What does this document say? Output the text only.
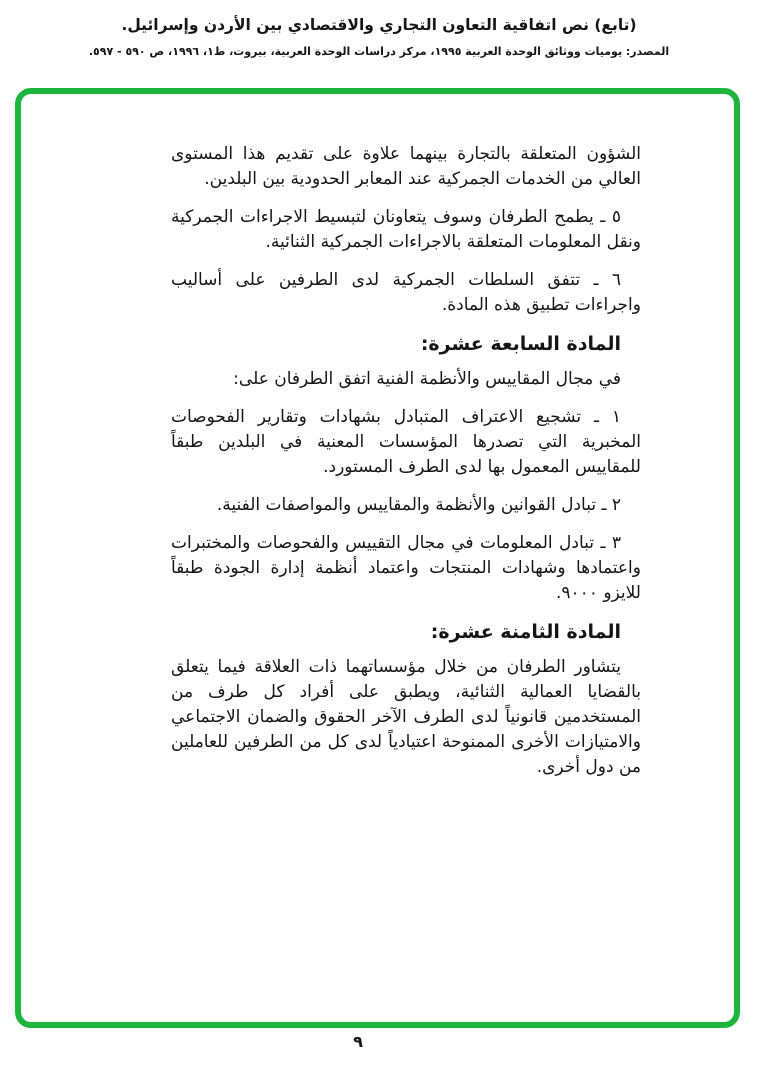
(تابع) نص اتفاقية التعاون التجاري والاقتصادي بين الأردن وإسرائيل.
المصدر: يوميات ووثائق الوحدة العربية ١٩٩٥، مركز دراسات الوحدة العربية، بيروت، ط١، ١٩٩٦، ص ٥٩٠ - ٥٩٧.

الشؤون المتعلقة بالتجارة بينهما علاوة على تقديم هذا المستوى العالي من الخدمات الجمركية عند المعابر الحدودية بين البلدين.

٥ ـ يطمح الطرفان وسوف يتعاونان لتبسيط الاجراءات الجمركية ونقل المعلومات المتعلقة بالاجراءات الجمركية الثنائية.

٦ ـ تتفق السلطات الجمركية لدى الطرفين على أساليب واجراءات تطبيق هذه المادة.

المادة السابعة عشرة:

في مجال المقاييس والأنظمة الفنية اتفق الطرفان على:

١ ـ تشجيع الاعتراف المتبادل بشهادات وتقارير الفحوصات المخبرية التي تصدرها المؤسسات المعنية في البلدين طبقاً للمقاييس المعمول بها لدى الطرف المستورد.

٢ ـ تبادل القوانين والأنظمة والمقاييس والمواصفات الفنية.

٣ ـ تبادل المعلومات في مجال التقييس والفحوصات والمختبرات واعتمادها وشهادات المنتجات واعتماد أنظمة إدارة الجودة طبقاً للايزو ٩٠٠٠.

المادة الثامنة عشرة:

يتشاور الطرفان من خلال مؤسساتهما ذات العلاقة فيما يتعلق بالقضايا العمالية الثنائية، ويطبق على أفراد كل طرف من المستخدمين قانونياً لدى الطرف الآخر الحقوق والضمان الاجتماعي والامتيازات الأخرى الممنوحة اعتيادياً لدى كل من الطرفين للعاملين من دول أخرى.

٩
